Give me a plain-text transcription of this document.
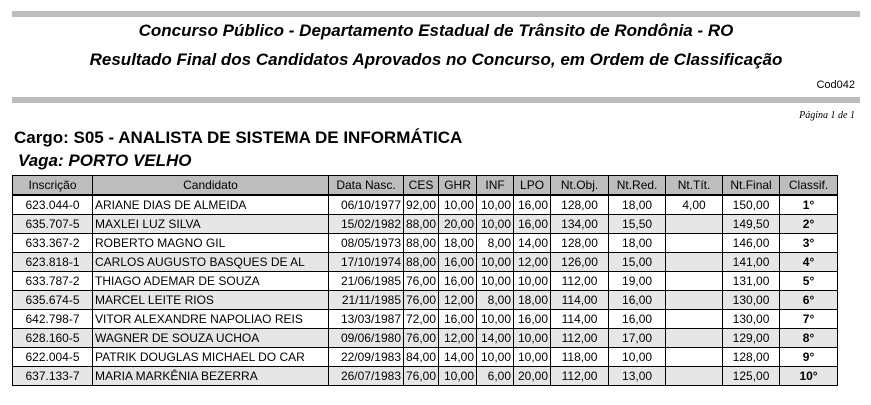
Concurso Público - Departamento Estadual de Trânsito de Rondônia - RO
Resultado Final dos Candidatos Aprovados no Concurso, em Ordem de Classificação
Cod042
Página 1 de 1
Cargo: S05 - ANALISTA DE SISTEMA DE INFORMÁTICA
Vaga: PORTO VELHO
Inscrição	Candidato	Data Nasc.	CES	GHR	INF	LPO	Nt.Obj.	Nt.Red.	Nt.Tít.	Nt.Final	Classif.
623.044-0	ARIANE DIAS DE ALMEIDA	06/10/1977	92,00	10,00	10,00	16,00	128,00	18,00	4,00	150,00	1°
635.707-5	MAXLEI LUZ SILVA	15/02/1982	88,00	20,00	10,00	16,00	134,00	15,50		149,50	2°
633.367-2	ROBERTO MAGNO GIL	08/05/1973	88,00	18,00	8,00	14,00	128,00	18,00		146,00	3°
623.818-1	CARLOS AUGUSTO BASQUES DE AL	17/10/1974	88,00	16,00	10,00	12,00	126,00	15,00		141,00	4°
633.787-2	THIAGO ADEMAR DE SOUZA	21/06/1985	76,00	16,00	10,00	10,00	112,00	19,00		131,00	5°
635.674-5	MARCEL LEITE RIOS	21/11/1985	76,00	12,00	8,00	18,00	114,00	16,00		130,00	6°
642.798-7	VITOR ALEXANDRE NAPOLIAO REIS	13/03/1987	72,00	16,00	10,00	16,00	114,00	16,00		130,00	7°
628.160-5	WAGNER DE SOUZA UCHOA	09/06/1980	76,00	12,00	14,00	10,00	112,00	17,00		129,00	8°
622.004-5	PATRIK DOUGLAS MICHAEL DO CAR	22/09/1983	84,00	14,00	10,00	10,00	118,00	10,00		128,00	9°
637.133-7	MARIA MARKÊNIA BEZERRA	26/07/1983	76,00	10,00	6,00	20,00	112,00	13,00		125,00	10°
